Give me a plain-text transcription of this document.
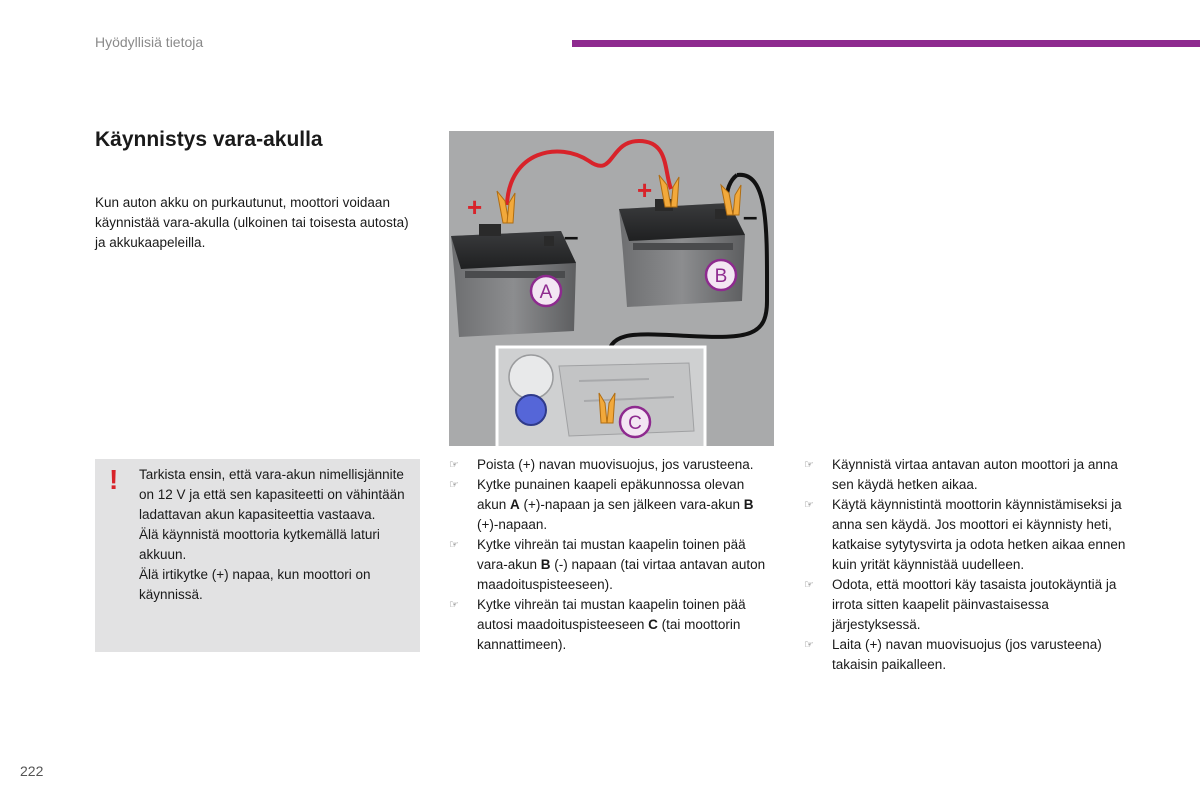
Hyödyllisiä tietoja
Käynnistys vara-akulla

Kun auton akku on purkautunut, moottori voidaan käynnistää vara-akulla (ulkoinen tai toisesta autosta) ja akkukaapeleilla.

+
–
+
–
A
B
C
! Tarkista ensin, että vara-akun nimellisjännite on 12 V ja että sen kapasiteetti on vähintään ladattavan akun kapasiteettia vastaava.

Älä käynnistä moottoria kytkemällä laturi akkuun.

Älä irtikytke (+) napaa, kun moottori on käynnissä.

☞ Poista (+) navan muovisuojus, jos varusteena.
☞ Kytke punainen kaapeli epäkunnossa olevan akun A (+)-napaan ja sen jälkeen vara-akun B (+)-napaan.
☞ Kytke vihreän tai mustan kaapelin toinen pää vara-akun B (-) napaan (tai virtaa antavan auton maadoituspisteeseen).
☞ Kytke vihreän tai mustan kaapelin toinen pää autosi maadoituspisteeseen C (tai moottorin kannattimeen).
☞ Käynnistä virtaa antavan auton moottori ja anna sen käydä hetken aikaa.
☞ Käytä käynnistintä moottorin käynnistämiseksi ja anna sen käydä. Jos moottori ei käynnisty heti, katkaise sytytysvirta ja odota hetken aikaa ennen kuin yrität käynnistää uudelleen.
☞ Odota, että moottori käy tasaista joutokäyntiä ja irrota sitten kaapelit päinvastaisessa järjestyksessä.
☞ Laita (+) navan muovisuojus (jos varusteena) takaisin paikalleen.
222
